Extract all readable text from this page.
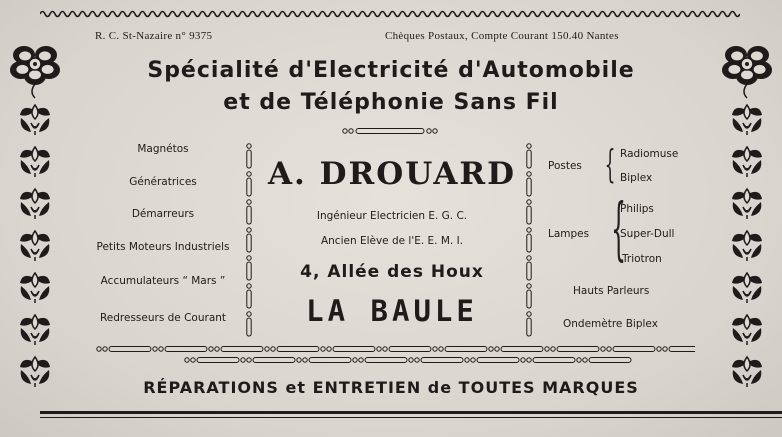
R. C. St-Nazaire n° 9375	Chèques Postaux, Compte Courant 150.40 Nantes
Spécialité d'Electricité d'Automobile
et de Téléphonie Sans Fil
Magnétos
Génératrices
Démarreurs
Petits Moteurs Industriels
Accumulateurs “ Mars ”
Redresseurs de Courant
A. DROUARD
Ingénieur Electricien E. G. C.
Ancien Elève de l'E. E. M. I.
4, Allée des Houx
LA BAULE
Postes { Radiomuse
Biplex
Lampes {
Philips
Super-Dull
Triotron
Hauts Parleurs
Ondemètre Biplex
RÉPARATIONS et ENTRETIEN de TOUTES MARQUES
